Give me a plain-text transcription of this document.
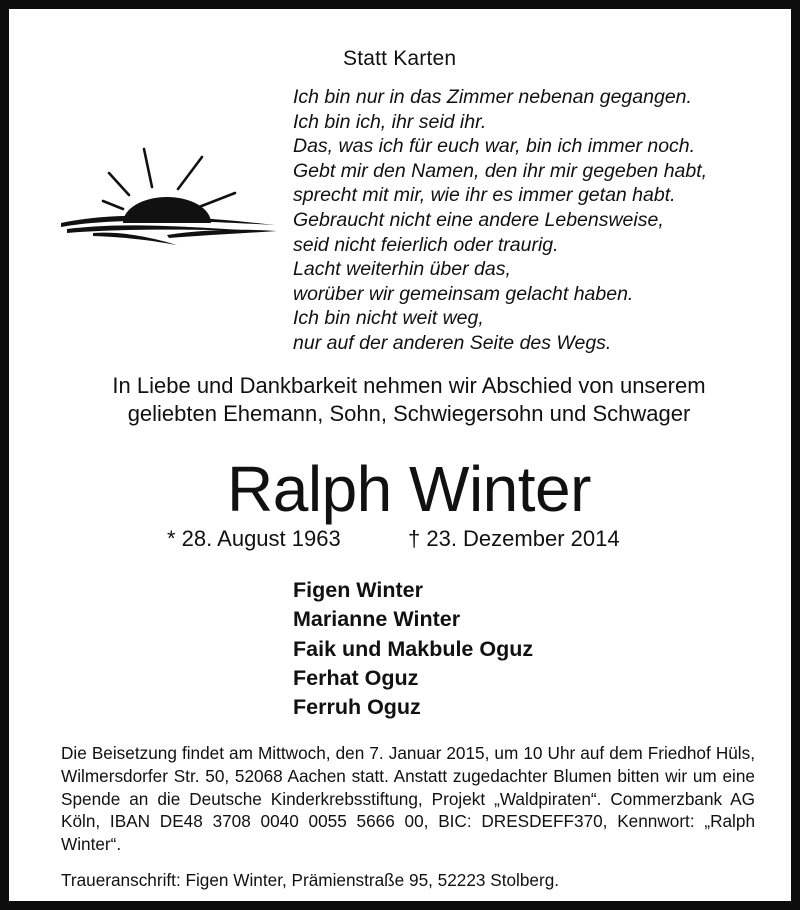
Statt Karten
Ich bin nur in das Zimmer nebenan gegangen.
Ich bin ich, ihr seid ihr.
Das, was ich für euch war, bin ich immer noch.
Gebt mir den Namen, den ihr mir gegeben habt,
sprecht mit mir, wie ihr es immer getan habt.
Gebraucht nicht eine andere Lebensweise,
seid nicht feierlich oder traurig.
Lacht weiterhin über das,
worüber wir gemeinsam gelacht haben.
Ich bin nicht weit weg,
nur auf der anderen Seite des Wegs.
In Liebe und Dankbarkeit nehmen wir Abschied von unserem
geliebten Ehemann, Sohn, Schwiegersohn und Schwager
Ralph Winter
* 28. August 1963	† 23. Dezember 2014
Figen Winter
Marianne Winter
Faik und Makbule Oguz
Ferhat Oguz
Ferruh Oguz
Die Beisetzung findet am Mittwoch, den 7. Januar 2015, um 10 Uhr auf dem Friedhof Hüls, Wilmersdorfer Str. 50, 52068 Aachen statt. Anstatt zugedachter Blumen bitten wir um eine Spende an die Deutsche Kinderkrebsstiftung, Projekt „Waldpiraten“. Commerzbank AG Köln, IBAN DE48 3708 0040 0055 5666 00, BIC: DRESDEFF370, Kennwort: „Ralph Winter“.
Traueranschrift: Figen Winter, Prämienstraße 95, 52223 Stolberg.
